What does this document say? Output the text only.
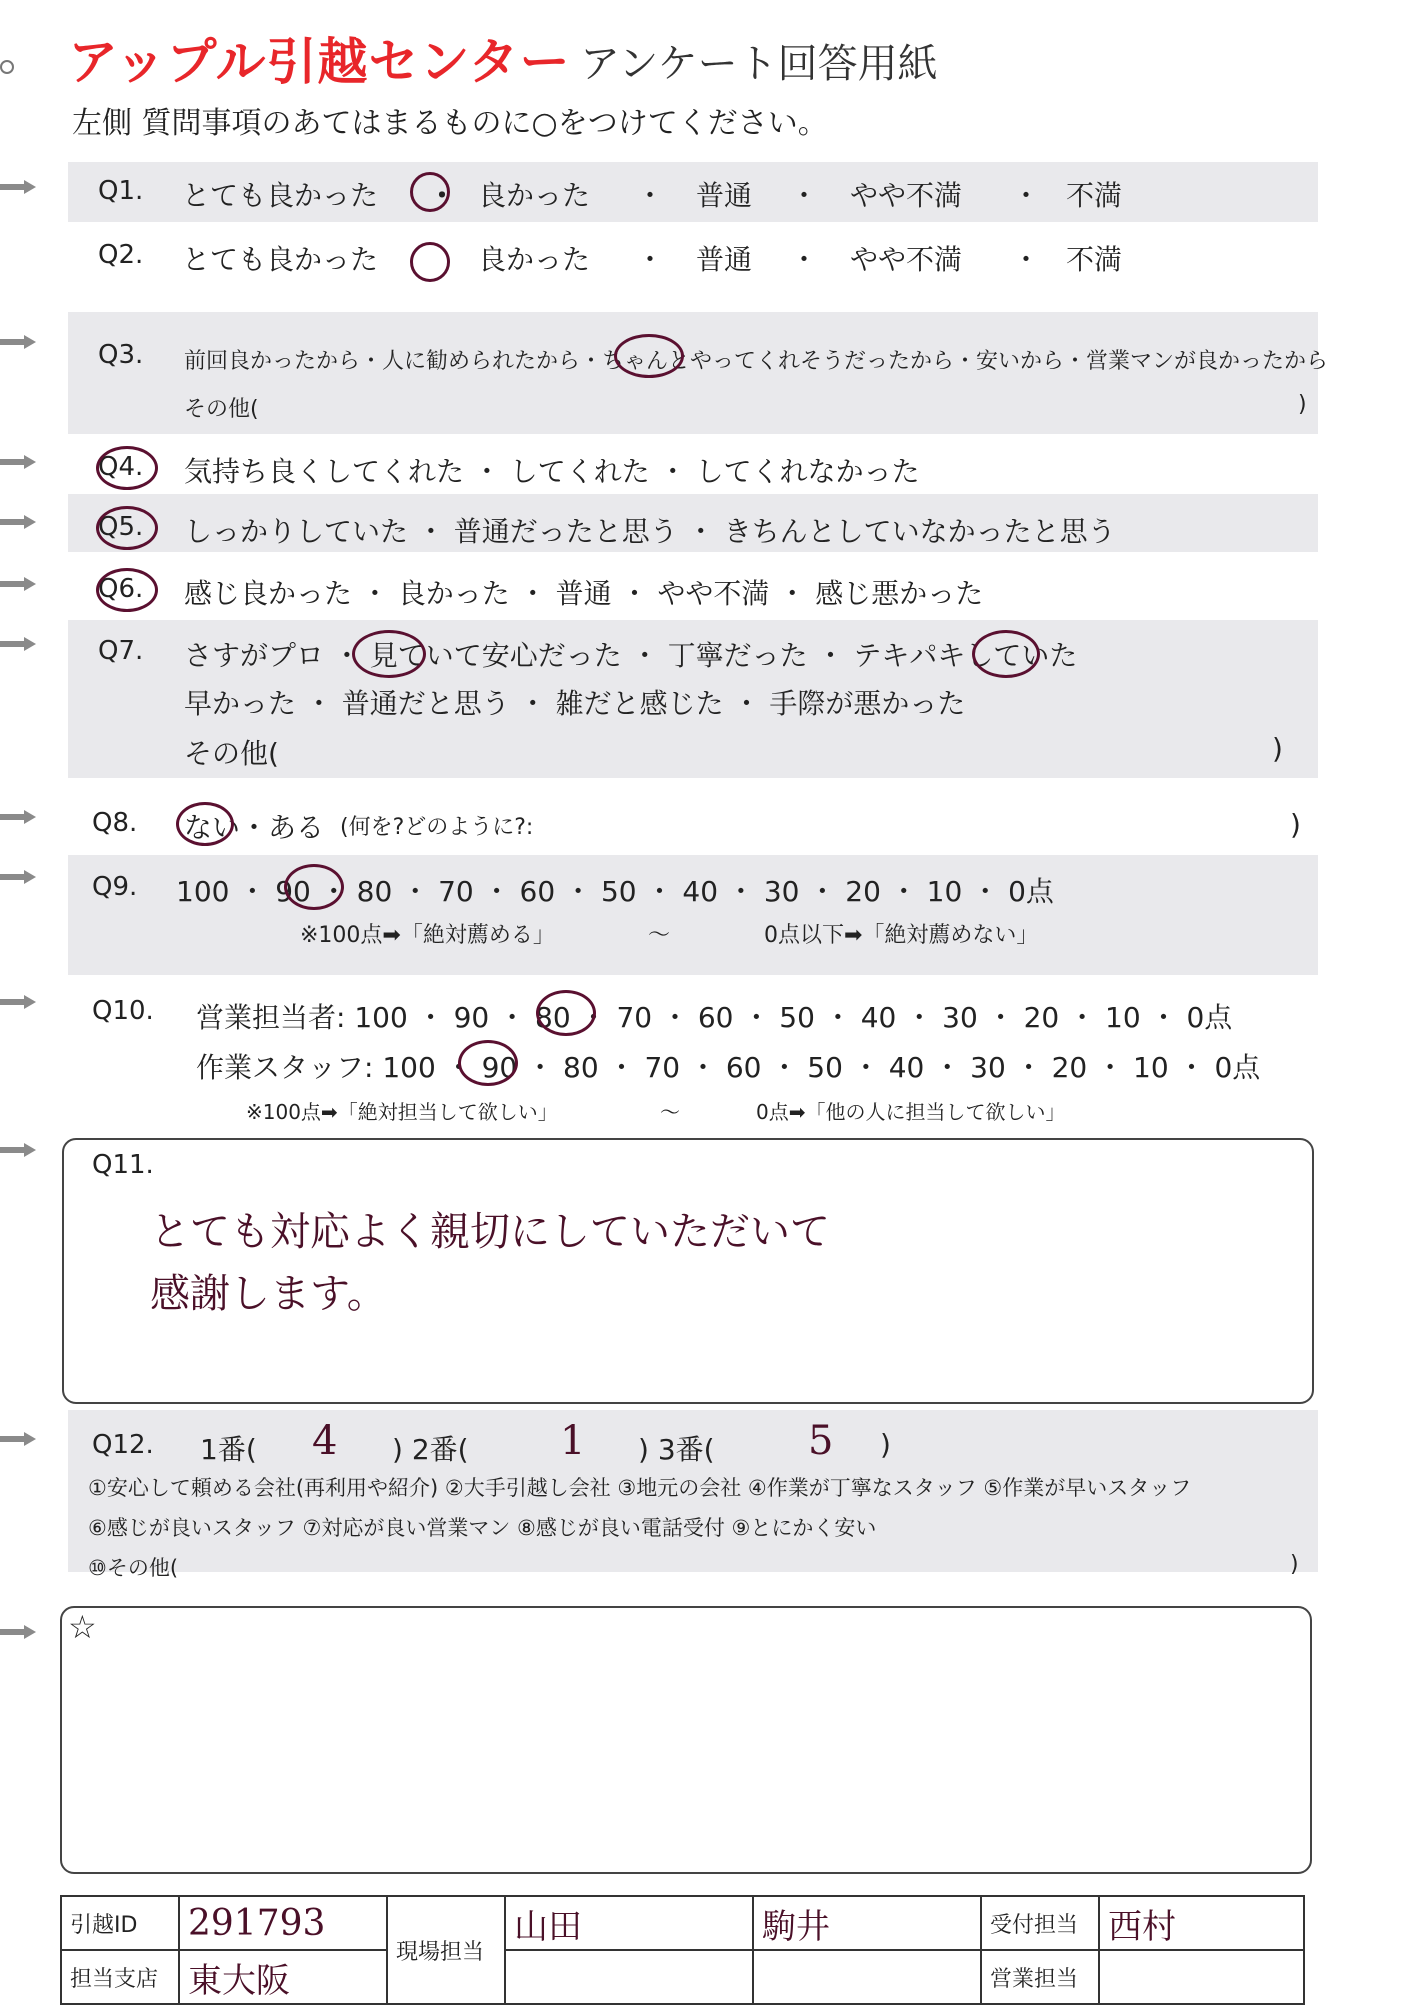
アップル引越センター アンケート回答用紙
左側 質問事項のあてはまるものに○をつけてください。
Q1. とても良かった ・ 良かった ・ 普通 ・ やや不満 ・ 不満
Q2. とても良かった	良かった ・ 普通 ・ やや不満 ・ 不満
Q3. 前回良かったから・人に勧められたから・ちゃんとやってくれそうだったから・安いから・営業マンが良かったから
その他(	)
Q4. 気持ち良くしてくれた ・ してくれた ・ してくれなかった
Q5. しっかりしていた ・ 普通だったと思う ・ きちんとしていなかったと思う
Q6. 感じ良かった ・ 良かった ・ 普通 ・ やや不満 ・ 感じ悪かった
Q7. さすがプロ ・ 見ていて安心だった ・ 丁寧だった ・ テキパキしていた
早かった ・ 普通だと思う ・ 雑だと感じた ・ 手際が悪かった
その他(	)
Q8. ない・ある (何を?どのように?:	)
Q9. 100 ・ 90 ・ 80 ・ 70 ・ 60 ・ 50 ・ 40 ・ 30 ・ 20 ・ 10 ・ 0点
※100点➡「絶対薦める」	〜	0点以下➡「絶対薦めない」
Q10. 営業担当者: 100 ・ 90 ・ 80 ・ 70 ・ 60 ・ 50 ・ 40 ・ 30 ・ 20 ・ 10 ・ 0点
作業スタッフ: 100 ・ 90 ・ 80 ・ 70 ・ 60 ・ 50 ・ 40 ・ 30 ・ 20 ・ 10 ・ 0点
※100点➡「絶対担当して欲しい」	〜	0点➡「他の人に担当して欲しい」
Q11.
とても対応よく親切にしていただいて
感謝します。
Q12. 1番( 4 ) 2番( 1 ) 3番( 5 )
①安心して頼める会社(再利用や紹介) ②大手引越し会社 ③地元の会社 ④作業が丁寧なスタッフ ⑤作業が早いスタッフ
⑥感じが良いスタッフ ⑦対応が良い営業マン ⑧感じが良い電話受付 ⑨とにかく安い
⑩その他(	)
☆
引越ID	291793	現場担当	山田	駒井	受付担当	西村
担当支店	東大阪				営業担当	
